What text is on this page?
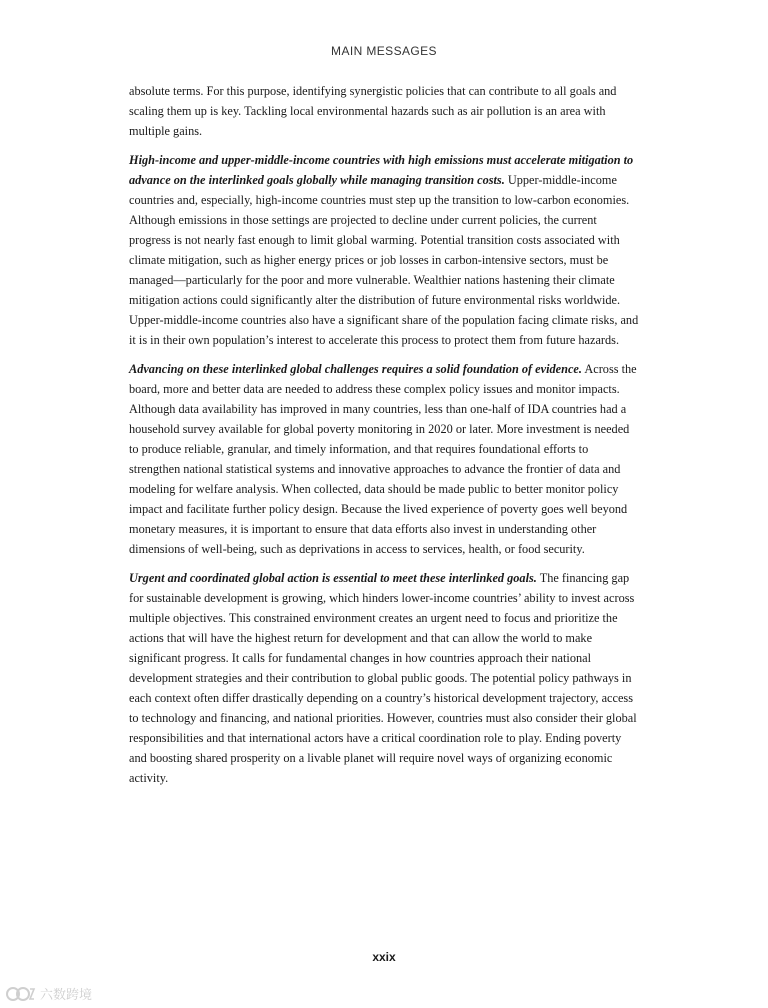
MAIN MESSAGES

absolute terms. For this purpose, identifying synergistic policies that can contribute to all goals and scaling them up is key. Tackling local environmental hazards such as air pollution is an area with multiple gains.

High-income and upper-middle-income countries with high emissions must accelerate mitigation to advance on the interlinked goals globally while managing transition costs. Upper-middle-income countries and, especially, high-income countries must step up the transition to low-carbon economies. Although emissions in those settings are projected to decline under current policies, the current progress is not nearly fast enough to limit global warming. Potential transition costs associated with climate mitigation, such as higher energy prices or job losses in carbon-intensive sectors, must be managed—particularly for the poor and more vulnerable. Wealthier nations hastening their climate mitigation actions could significantly alter the distribution of future environmental risks worldwide. Upper-middle-income countries also have a significant share of the population facing climate risks, and it is in their own population’s interest to accelerate this process to protect them from future hazards.

Advancing on these interlinked global challenges requires a solid foundation of evidence. Across the board, more and better data are needed to address these complex policy issues and monitor impacts. Although data availability has improved in many countries, less than one-half of IDA countries had a household survey available for global poverty monitoring in 2020 or later. More investment is needed to produce reliable, granular, and timely information, and that requires foundational efforts to strengthen national statistical systems and innovative approaches to advance the frontier of data and modeling for welfare analysis. When collected, data should be made public to better monitor policy impact and facilitate further policy design. Because the lived experience of poverty goes well beyond monetary measures, it is important to ensure that data efforts also invest in understanding other dimensions of well-being, such as deprivations in access to services, health, or food security.

Urgent and coordinated global action is essential to meet these interlinked goals. The financing gap for sustainable development is growing, which hinders lower-income countries’ ability to invest across multiple objectives. This constrained environment creates an urgent need to focus and prioritize the actions that will have the highest return for development and that can allow the world to make significant progress. It calls for fundamental changes in how countries approach their national development strategies and their contribution to global public goods. The potential policy pathways in each context often differ drastically depending on a country’s historical development trajectory, access to technology and financing, and national priorities. However, countries must also consider their global responsibilities and that international actors have a critical coordination role to play. Ending poverty and boosting shared prosperity on a livable planet will require novel ways of organizing economic activity.

xxix
六数跨境
